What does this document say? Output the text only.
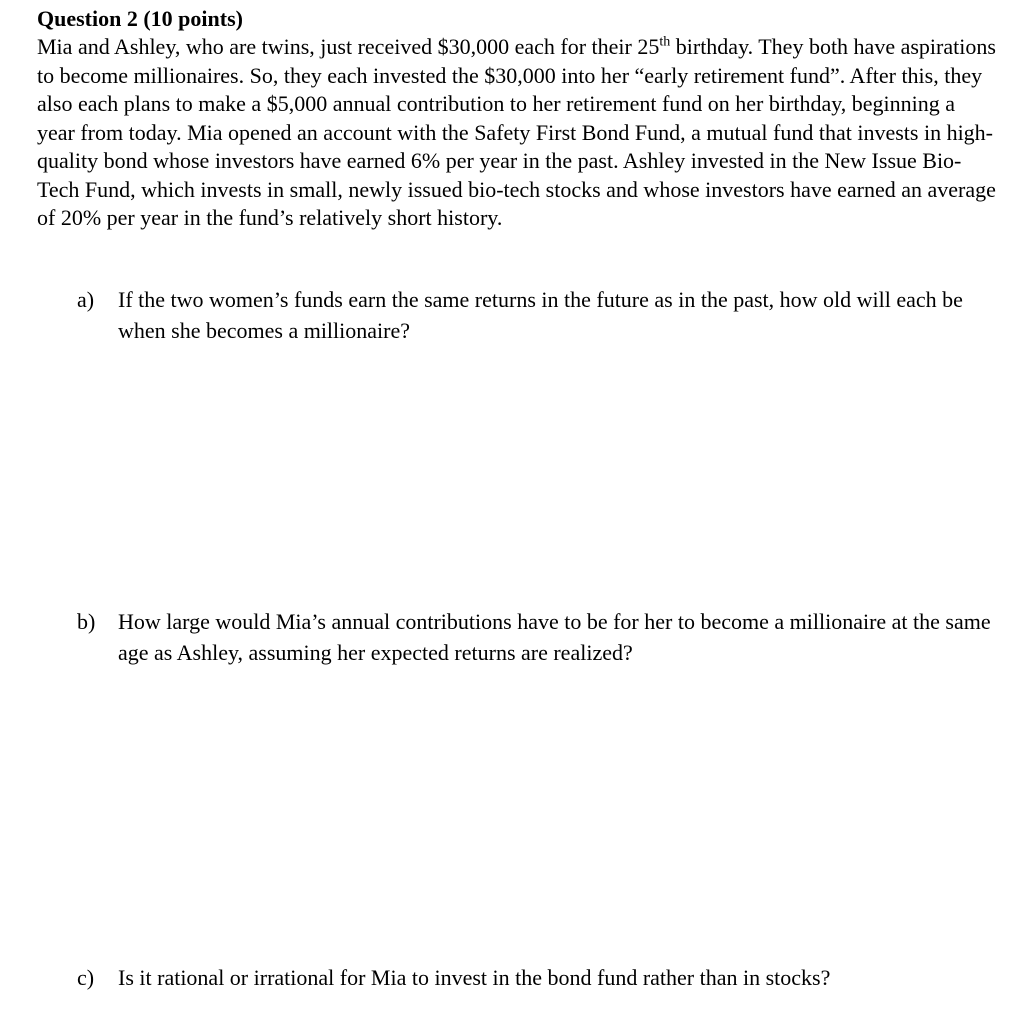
Question 2 (10 points)

Mia and Ashley, who are twins, just received $30,000 each for their 25th birthday. They both have aspirations to become millionaires. So, they each invested the $30,000 into her “early retirement fund”. After this, they also each plans to make a $5,000 annual contribution to her retirement fund on her birthday, beginning a year from today. Mia opened an account with the Safety First Bond Fund, a mutual fund that invests in high-quality bond whose investors have earned 6% per year in the past. Ashley invested in the New Issue Bio-Tech Fund, which invests in small, newly issued bio-tech stocks and whose investors have earned an average of 20% per year in the fund’s relatively short history.

a) If the two women’s funds earn the same returns in the future as in the past, how old will each be when she becomes a millionaire?
b) How large would Mia’s annual contributions have to be for her to become a millionaire at the same age as Ashley, assuming her expected returns are realized?
c) Is it rational or irrational for Mia to invest in the bond fund rather than in stocks?
